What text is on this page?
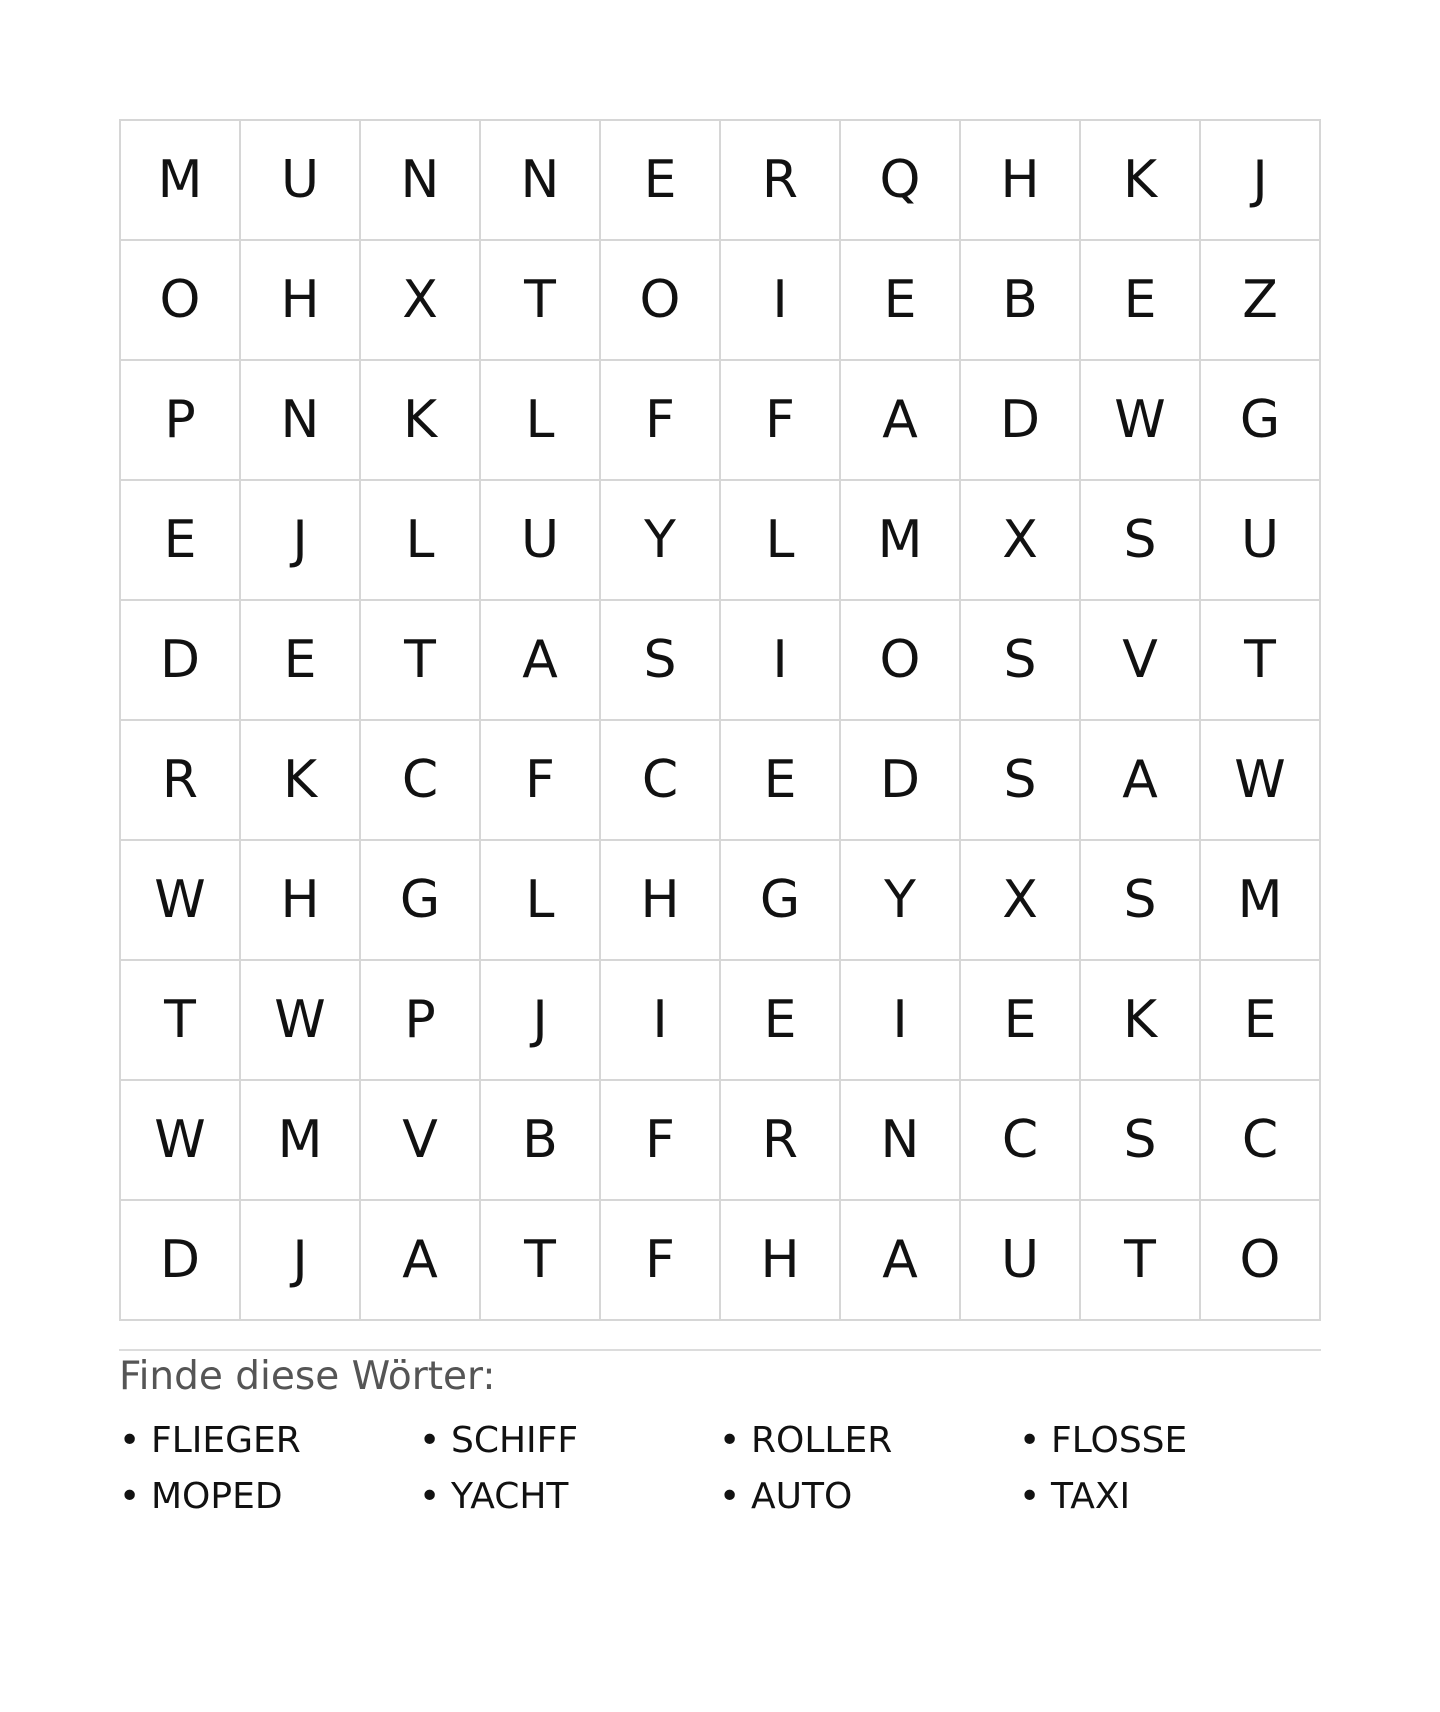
M	U	N	N	E	R	Q	H	K	J
O	H	X	T	O	I	E	B	E	Z
P	N	K	L	F	F	A	D	W	G
E	J	L	U	Y	L	M	X	S	U
D	E	T	A	S	I	O	S	V	T
R	K	C	F	C	E	D	S	A	W
W	H	G	L	H	G	Y	X	S	M
T	W	P	J	I	E	I	E	K	E
W	M	V	B	F	R	N	C	S	C
D	J	A	T	F	H	A	U	T	O
Finde diese Wörter:
• FLIEGER	• SCHIFF	• ROLLER	• FLOSSE
• MOPED	• YACHT	• AUTO	• TAXI
